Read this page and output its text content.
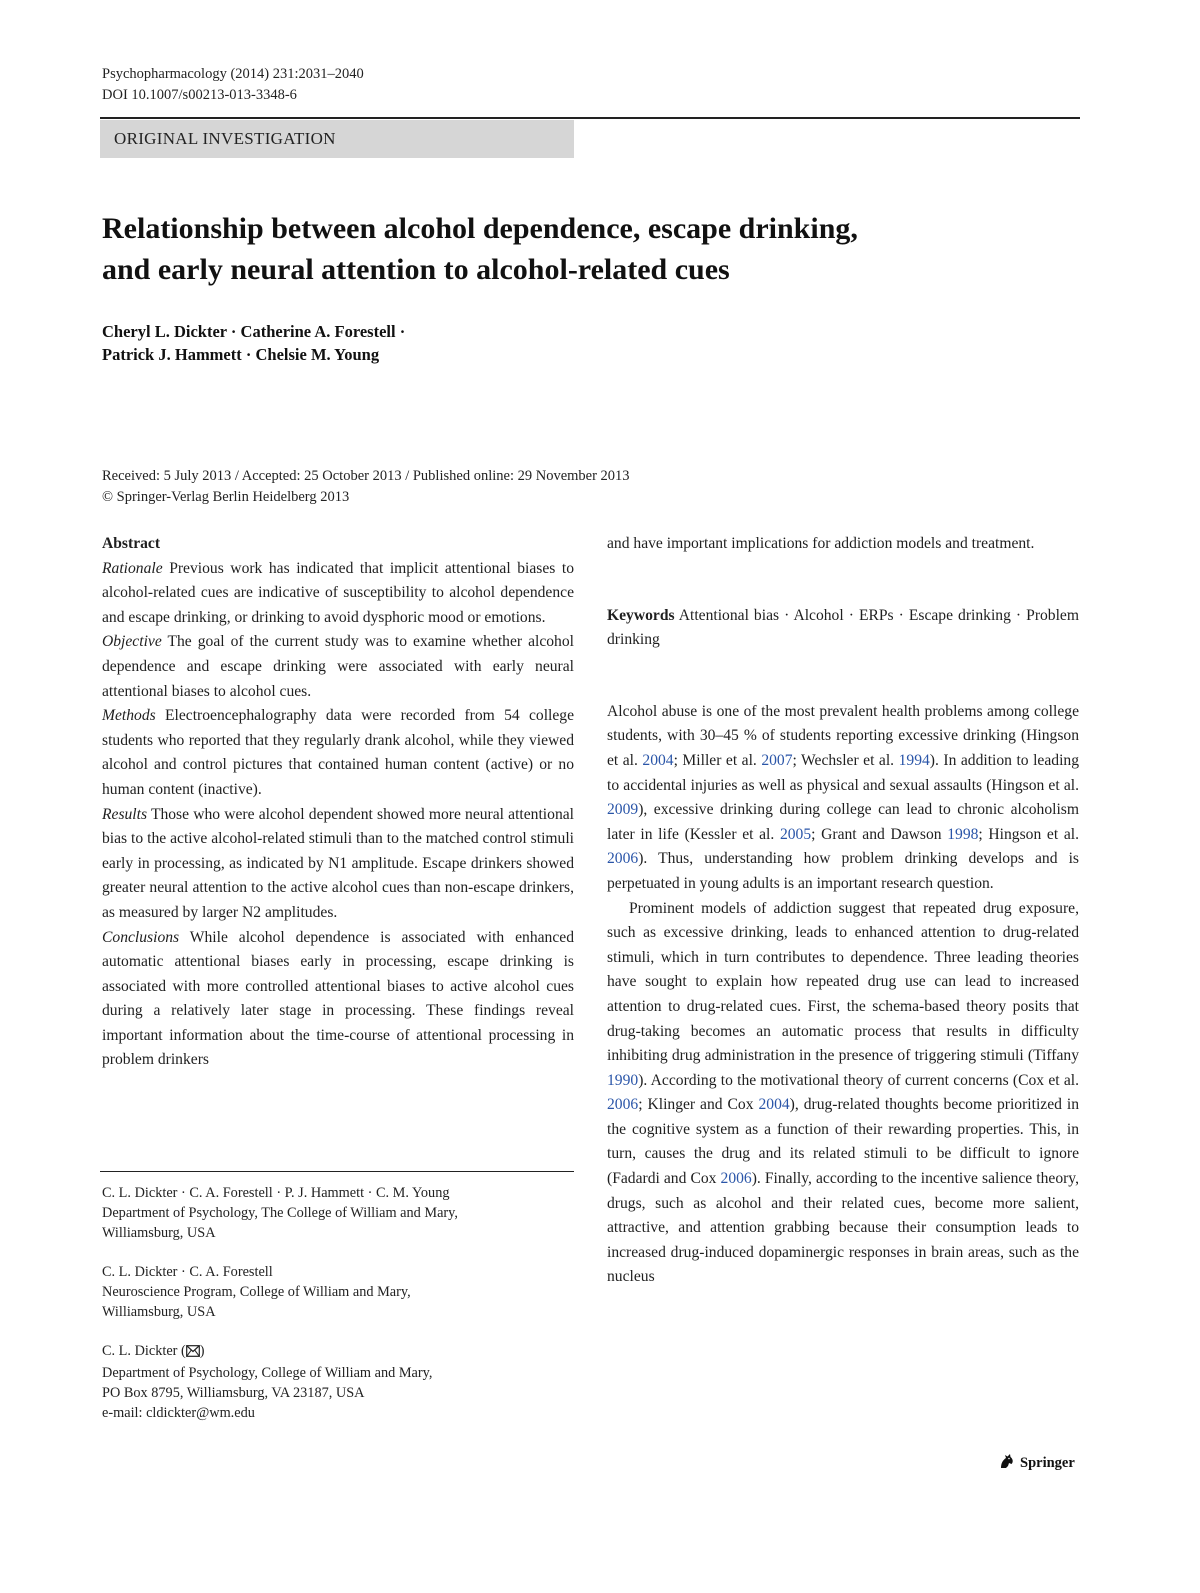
Psychopharmacology (2014) 231:2031–2040
DOI 10.1007/s00213-013-3348-6
ORIGINAL INVESTIGATION
Relationship between alcohol dependence, escape drinking,
and early neural attention to alcohol-related cues
Cheryl L. Dickter · Catherine A. Forestell ·
Patrick J. Hammett · Chelsie M. Young
Received: 5 July 2013 / Accepted: 25 October 2013 / Published online: 29 November 2013
© Springer-Verlag Berlin Heidelberg 2013

Abstract

Rationale Previous work has indicated that implicit attentional biases to alcohol-related cues are indicative of susceptibility to alcohol dependence and escape drinking, or drinking to avoid dysphoric mood or emotions.

Objective The goal of the current study was to examine whether alcohol dependence and escape drinking were associated with early neural attentional biases to alcohol cues.

Methods Electroencephalography data were recorded from 54 college students who reported that they regularly drank alcohol, while they viewed alcohol and control pictures that contained human content (active) or no human content (inactive).

Results Those who were alcohol dependent showed more neural attentional bias to the active alcohol-related stimuli than to the matched control stimuli early in processing, as indicated by N1 amplitude. Escape drinkers showed greater neural attention to the active alcohol cues than non-escape drinkers, as measured by larger N2 amplitudes.

Conclusions While alcohol dependence is associated with enhanced automatic attentional biases early in processing, escape drinking is associated with more controlled attentional biases to active alcohol cues during a relatively later stage in processing. These findings reveal important information about the time-course of attentional processing in problem drinkers

C. L. Dickter · C. A. Forestell · P. J. Hammett · C. M. Young
Department of Psychology, The College of William and Mary,
Williamsburg, USA
C. L. Dickter · C. A. Forestell
Neuroscience Program, College of William and Mary,
Williamsburg, USA
C. L. Dickter ( )
Department of Psychology, College of William and Mary,
PO Box 8795, Williamsburg, VA 23187, USA
e-mail: cldickter@wm.edu

and have important implications for addiction models and treatment.

Keywords Attentional bias · Alcohol · ERPs · Escape drinking · Problem drinking

Alcohol abuse is one of the most prevalent health problems among college students, with 30–45 % of students reporting excessive drinking (Hingson et al. 2004; Miller et al. 2007; Wechsler et al. 1994). In addition to leading to accidental injuries as well as physical and sexual assaults (Hingson et al. 2009), excessive drinking during college can lead to chronic alcoholism later in life (Kessler et al. 2005; Grant and Dawson 1998; Hingson et al. 2006). Thus, understanding how problem drinking develops and is perpetuated in young adults is an important research question.

Prominent models of addiction suggest that repeated drug exposure, such as excessive drinking, leads to enhanced attention to drug-related stimuli, which in turn contributes to dependence. Three leading theories have sought to explain how repeated drug use can lead to increased attention to drug-related cues. First, the schema-based theory posits that drug-taking becomes an automatic process that results in difficulty inhibiting drug administration in the presence of triggering stimuli (Tiffany 1990). According to the motivational theory of current concerns (Cox et al. 2006; Klinger and Cox 2004), drug-related thoughts become prioritized in the cognitive system as a function of their rewarding properties. This, in turn, causes the drug and its related stimuli to be difficult to ignore (Fadardi and Cox 2006). Finally, according to the incentive salience theory, drugs, such as alcohol and their related cues, become more salient, attractive, and attention grabbing because their consumption leads to increased drug-induced dopaminergic responses in brain areas, such as the nucleus

Springer
